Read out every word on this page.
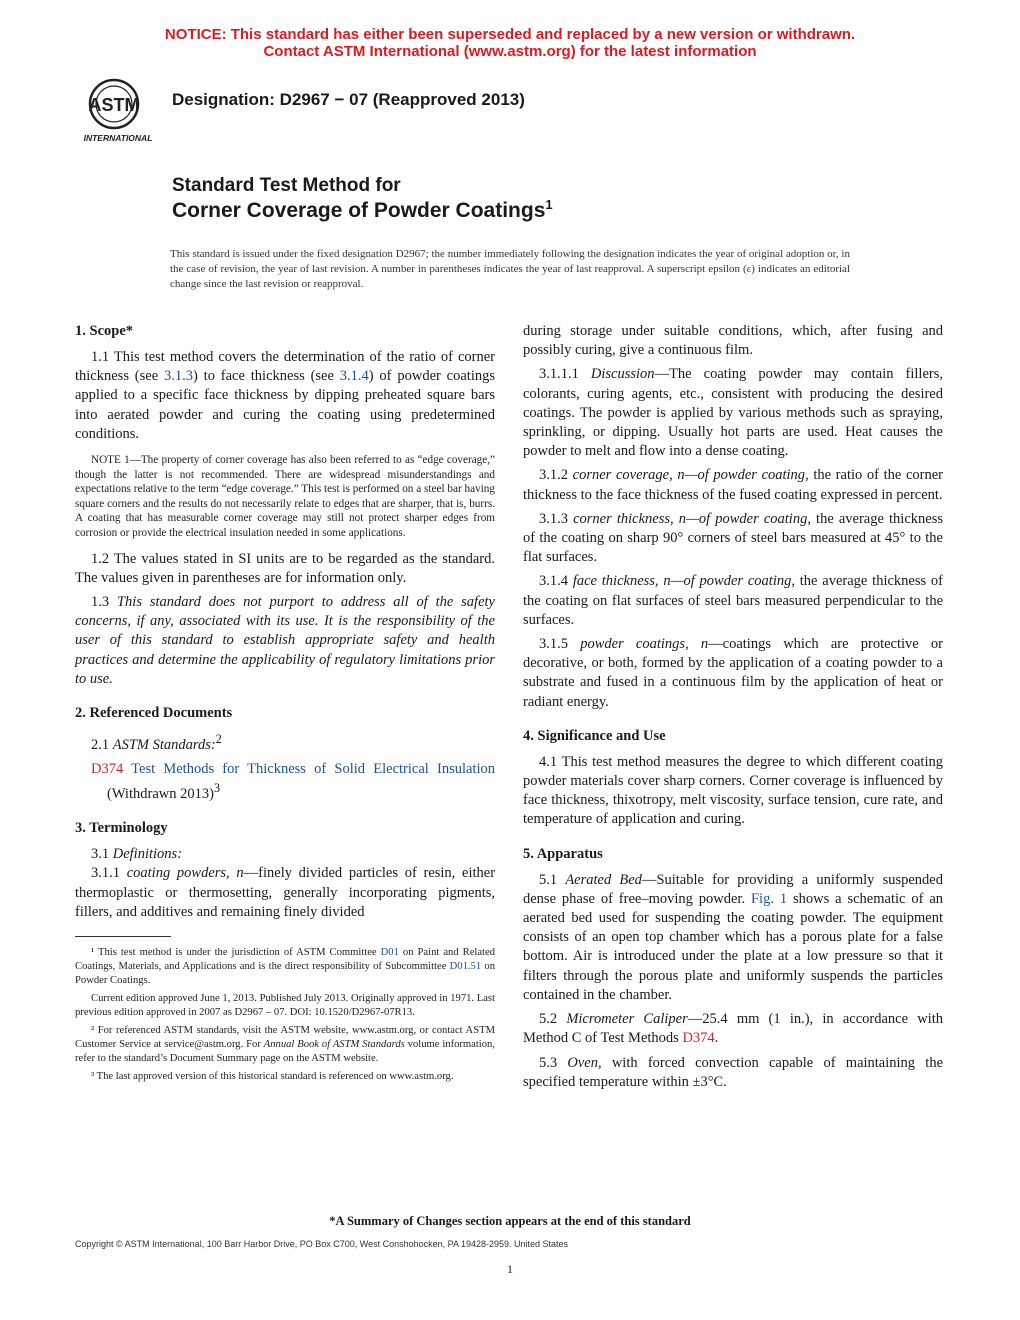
NOTICE: This standard has either been superseded and replaced by a new version or withdrawn.
Contact ASTM International (www.astm.org) for the latest information
ASTM
INTERNATIONAL
Designation: D2967 − 07 (Reapproved 2013)
Standard Test Method for
Corner Coverage of Powder Coatings$^1$
This standard is issued under the fixed designation D2967; the number immediately following the designation indicates the year of original adoption or, in the case of revision, the year of last revision. A number in parentheses indicates the year of last reapproval. A superscript epsilon (ε) indicates an editorial change since the last revision or reapproval.
1. Scope*

1.1 This test method covers the determination of the ratio of corner thickness (see 3.1.3) to face thickness (see 3.1.4) of powder coatings applied to a specific face thickness by dipping preheated square bars into aerated powder and curing the coating using predetermined conditions.

NOTE 1—The property of corner coverage has also been referred to as “edge coverage,” though the latter is not recommended. There are widespread misunderstandings and expectations relative to the term “edge coverage.” This test is performed on a steel bar having square corners and the results do not necessarily relate to edges that are sharper, that is, burrs. A coating that has measurable corner coverage may still not protect sharper edges from corrosion or provide the electrical insulation needed in some applications.

1.2 The values stated in SI units are to be regarded as the standard. The values given in parentheses are for information only.

1.3 This standard does not purport to address all of the safety concerns, if any, associated with its use. It is the responsibility of the user of this standard to establish appropriate safety and health practices and determine the applicability of regulatory limitations prior to use.

2. Referenced Documents

2.1 ASTM Standards:$^2$

D374 Test Methods for Thickness of Solid Electrical Insulation (Withdrawn 2013)$^3$

3. Terminology

3.1 Definitions:

3.1.1 coating powders, n—finely divided particles of resin, either thermoplastic or thermosetting, generally incorporating pigments, fillers, and additives and remaining finely divided

¹ This test method is under the jurisdiction of ASTM Committee D01 on Paint and Related Coatings, Materials, and Applications and is the direct responsibility of Subcommittee D01.51 on Powder Coatings.
Current edition approved June 1, 2013. Published July 2013. Originally approved in 1971. Last previous edition approved in 2007 as D2967 – 07. DOI: 10.1520/D2967-07R13.
² For referenced ASTM standards, visit the ASTM website, www.astm.org, or contact ASTM Customer Service at service@astm.org. For Annual Book of ASTM Standards volume information, refer to the standard’s Document Summary page on the ASTM website.
³ The last approved version of this historical standard is referenced on www.astm.org.

during storage under suitable conditions, which, after fusing and possibly curing, give a continuous film.

3.1.1.1 Discussion—The coating powder may contain fillers, colorants, curing agents, etc., consistent with producing the desired coatings. The powder is applied by various methods such as spraying, sprinkling, or dipping. Usually hot parts are used. Heat causes the powder to melt and flow into a dense coating.

3.1.2 corner coverage, n—of powder coating, the ratio of the corner thickness to the face thickness of the fused coating expressed in percent.

3.1.3 corner thickness, n—of powder coating, the average thickness of the coating on sharp 90° corners of steel bars measured at 45° to the flat surfaces.

3.1.4 face thickness, n—of powder coating, the average thickness of the coating on flat surfaces of steel bars measured perpendicular to the surfaces.

3.1.5 powder coatings, n—coatings which are protective or decorative, or both, formed by the application of a coating powder to a substrate and fused in a continuous film by the application of heat or radiant energy.

4. Significance and Use

4.1 This test method measures the degree to which different coating powder materials cover sharp corners. Corner coverage is influenced by face thickness, thixotropy, melt viscosity, surface tension, cure rate, and temperature of application and curing.

5. Apparatus

5.1 Aerated Bed—Suitable for providing a uniformly suspended dense phase of free–moving powder. Fig. 1 shows a schematic of an aerated bed used for suspending the coating powder. The equipment consists of an open top chamber which has a porous plate for a false bottom. Air is introduced under the plate at a low pressure so that it filters through the porous plate and uniformly suspends the particles contained in the chamber.

5.2 Micrometer Caliper—25.4 mm (1 in.), in accordance with Method C of Test Methods D374.

5.3 Oven, with forced convection capable of maintaining the specified temperature within ±3°C.

*A Summary of Changes section appears at the end of this standard
Copyright © ASTM International, 100 Barr Harbor Drive, PO Box C700, West Conshohocken, PA 19428-2959. United States
1
